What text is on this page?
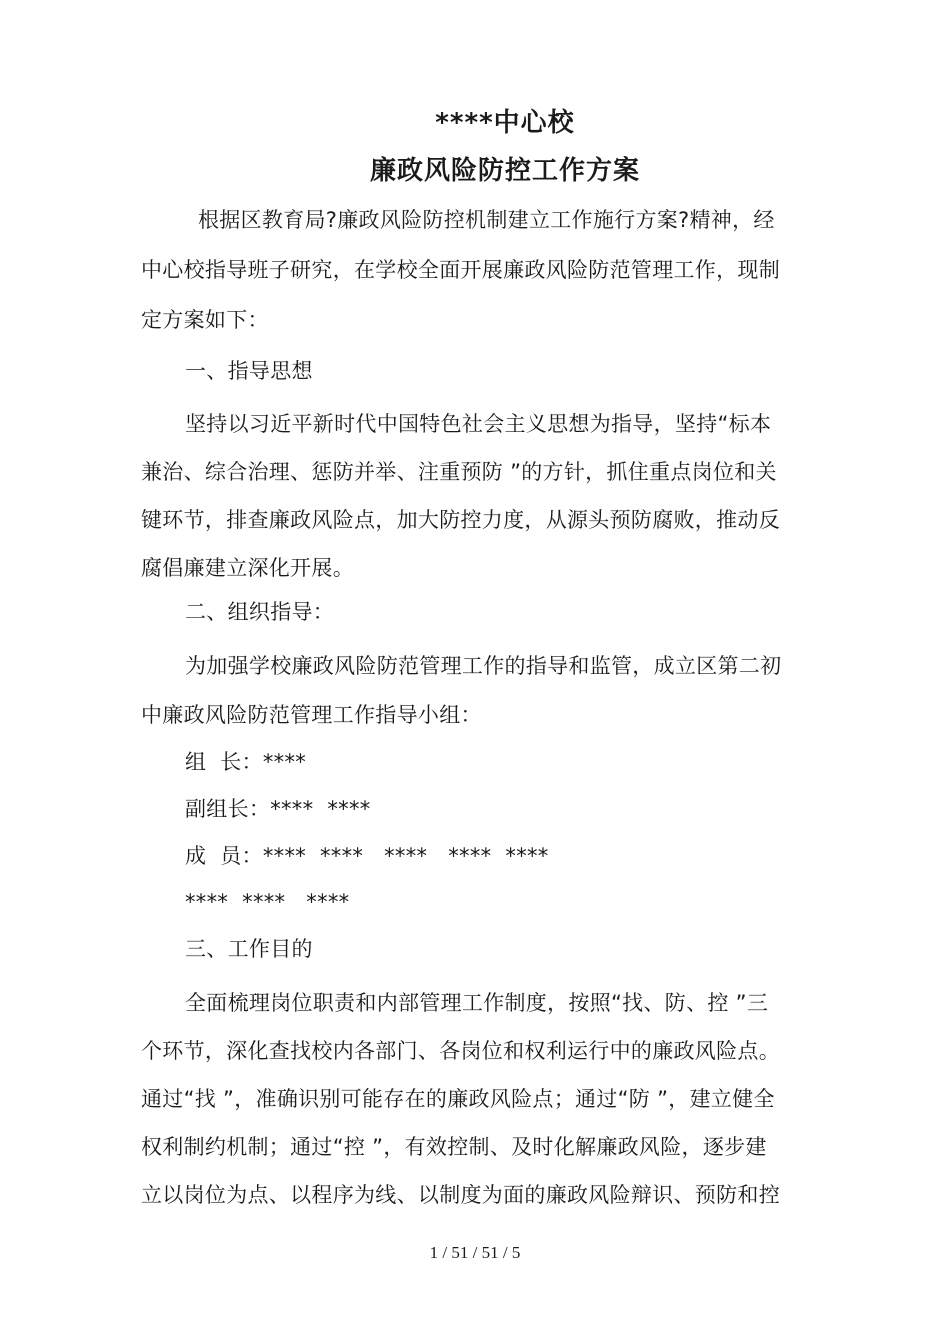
****中心校
廉政风险防控工作方案
根据区教育局?廉政风险防控机制建立工作施行方案?精神，经
中心校指导班子研究，在学校全面开展廉政风险防范管理工作，现制
定方案如下：
一、指导思想
坚持以习近平新时代中国特色社会主义思想为指导，坚持“标本
兼治、综合治理、惩防并举、注重预防 ”的方针，抓住重点岗位和关
键环节，排查廉政风险点，加大防控力度，从源头预防腐败，推动反
腐倡廉建立深化开展。
二、组织指导：
为加强学校廉政风险防范管理工作的指导和监管，成立区第二初
中廉政风险防范管理工作指导小组：
组  长：****
副组长：****  ****
成  员：****  ****   ****   ****  ****
****  ****   ****
三、工作目的
全面梳理岗位职责和内部管理工作制度，按照“找、防、控 ”三
个环节，深化查找校内各部门、各岗位和权利运行中的廉政风险点。
通过“找 ”，准确识别可能存在的廉政风险点；通过“防 ”，建立健全
权利制约机制；通过“控 ”，有效控制、及时化解廉政风险，逐步建
立以岗位为点、以程序为线、以制度为面的廉政风险辩识、预防和控
1 / 51 / 51 / 5
